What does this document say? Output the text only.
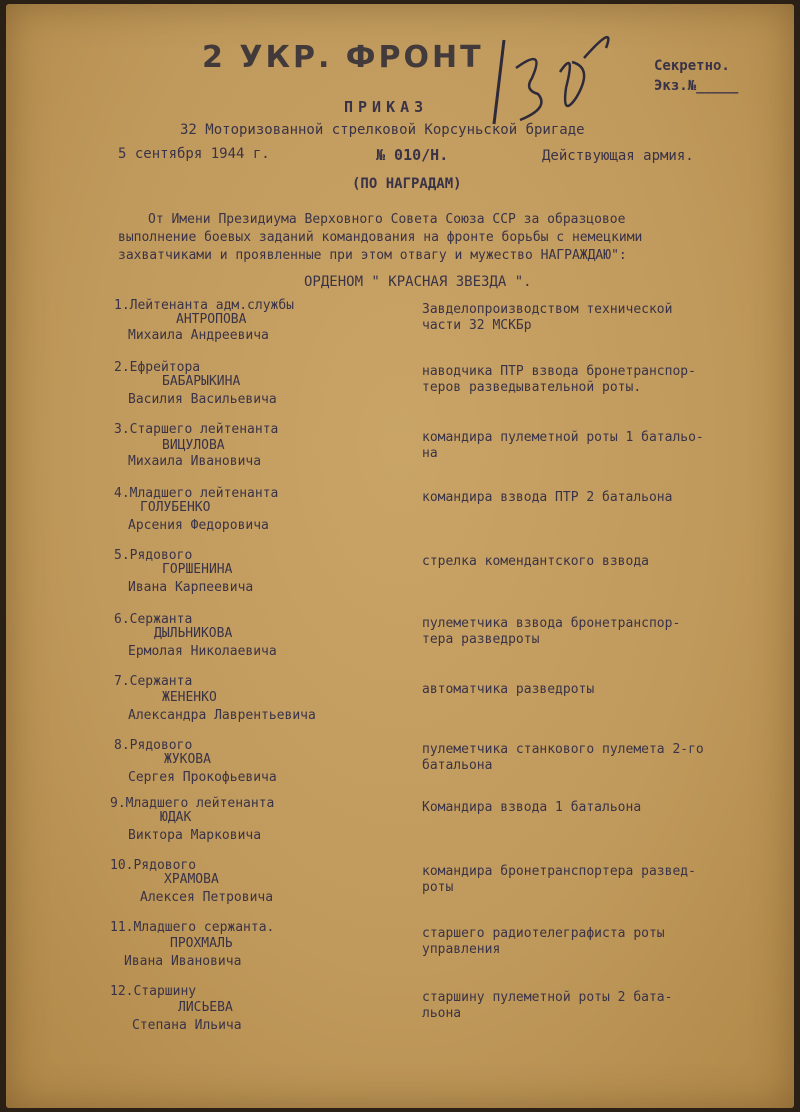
2 УКР. ФРОНТ	Секретно.
Экз.№_____
ПРИКАЗ
32 Моторизованной стрелковой Корсуньской бригаде
5 сентября 1944 г.	№ 010/Н.	Действующая армия.
(ПО НАГРАДАМ)
От Имени Президиума Верховного Совета Союза ССР за образцовое
выполнение боевых заданий командования на фронте борьбы с немецкими
захватчиками и проявленные при этом отвагу и мужество НАГРАЖДАЮ":
ОРДЕНОМ " КРАСНАЯ ЗВЕЗДА ".
1.Лейтенанта адм.службы
АНТРОПОВА
Михаила Андреевича
Завделопроизводством технической
части 32 МСКБр
2.Ефрейтора
БАБАРЫКИНА
Василия Васильевича
наводчика ПТР взвода бронетранспор-
теров разведывательной роты.
3.Старшего лейтенанта
ВИЦУЛОВА
Михаила Ивановича
командира пулеметной роты 1 батальо-
на
4.Младшего лейтенанта
ГОЛУБЕНКО
Арсения Федоровича
командира взвода ПТР 2 батальона
5.Рядового
ГОРШЕНИНА
Ивана Карпеевича
стрелка комендантского взвода
6.Сержанта
ДЫЛЬНИКОВА
Ермолая Николаевича
пулеметчика взвода бронетранспор-
тера разведроты
7.Сержанта
ЖЕНЕНКО
Александра Лаврентьевича
автоматчика разведроты
8.Рядового
ЖУКОВА
Сергея Прокофьевича
пулеметчика станкового пулемета 2-го
батальона
9.Младшего лейтенанта
ЮДАК
Виктора Марковича
Командира взвода 1 батальона
10.Рядового
ХРАМОВА
Алексея Петровича
командира бронетранспортера развед-
роты
11.Младшего сержанта.
ПРОХМАЛЬ
Ивана Ивановича
старшего радиотелеграфиста роты
управления
12.Старшину
ЛИСЬЕВА
Степана Ильича
старшину пулеметной роты 2 бата-
льона
